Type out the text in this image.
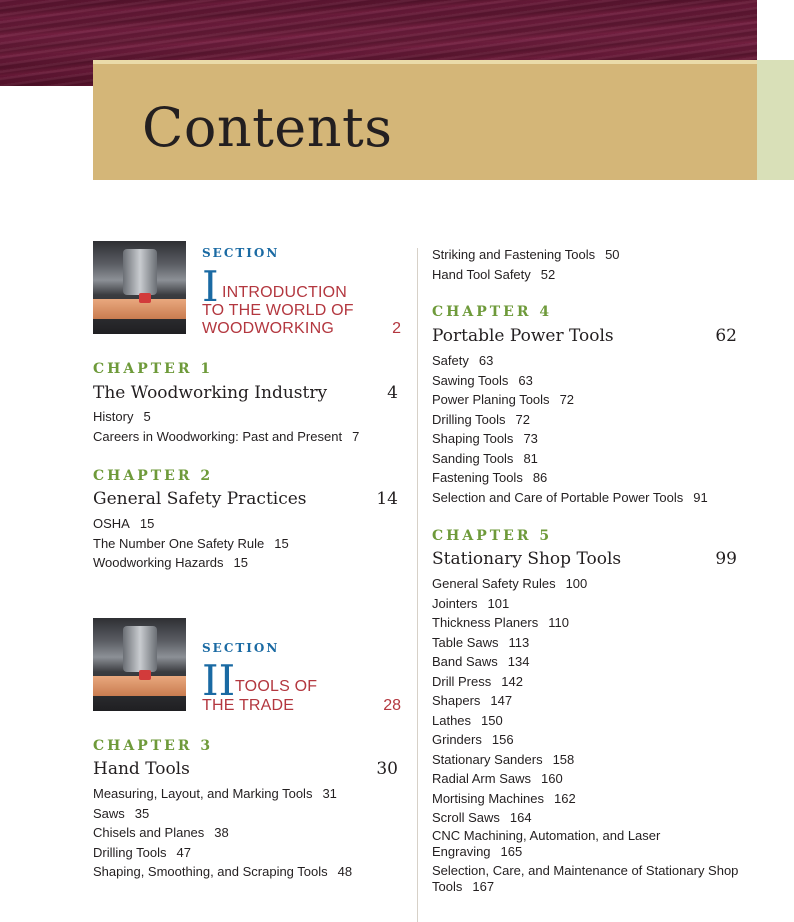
Contents
SECTION
I INTRODUCTION
TO THE WORLD OF
WOODWORKING	2
CHAPTER 1
The Woodworking Industry	4
History 5
Careers in Woodworking: Past and Present 7
CHAPTER 2
General Safety Practices	14
OSHA 15
The Number One Safety Rule 15
Woodworking Hazards 15
SECTION
II TOOLS OF
THE TRADE	28
CHAPTER 3
Hand Tools	30
Measuring, Layout, and Marking Tools 31
Saws 35
Chisels and Planes 38
Drilling Tools 47
Shaping, Smoothing, and Scraping Tools 48
Striking and Fastening Tools 50
Hand Tool Safety 52
CHAPTER 4
Portable Power Tools	62
Safety 63
Sawing Tools 63
Power Planing Tools 72
Drilling Tools 72
Shaping Tools 73
Sanding Tools 81
Fastening Tools 86
Selection and Care of Portable Power Tools 91
CHAPTER 5
Stationary Shop Tools	99
General Safety Rules 100
Jointers 101
Thickness Planers 110
Table Saws 113
Band Saws 134
Drill Press 142
Shapers 147
Lathes 150
Grinders 156
Stationary Sanders 158
Radial Arm Saws 160
Mortising Machines 162
Scroll Saws 164
CNC Machining, Automation, and Laser
Engraving 165
Selection, Care, and Maintenance of Stationary Shop
Tools 167
